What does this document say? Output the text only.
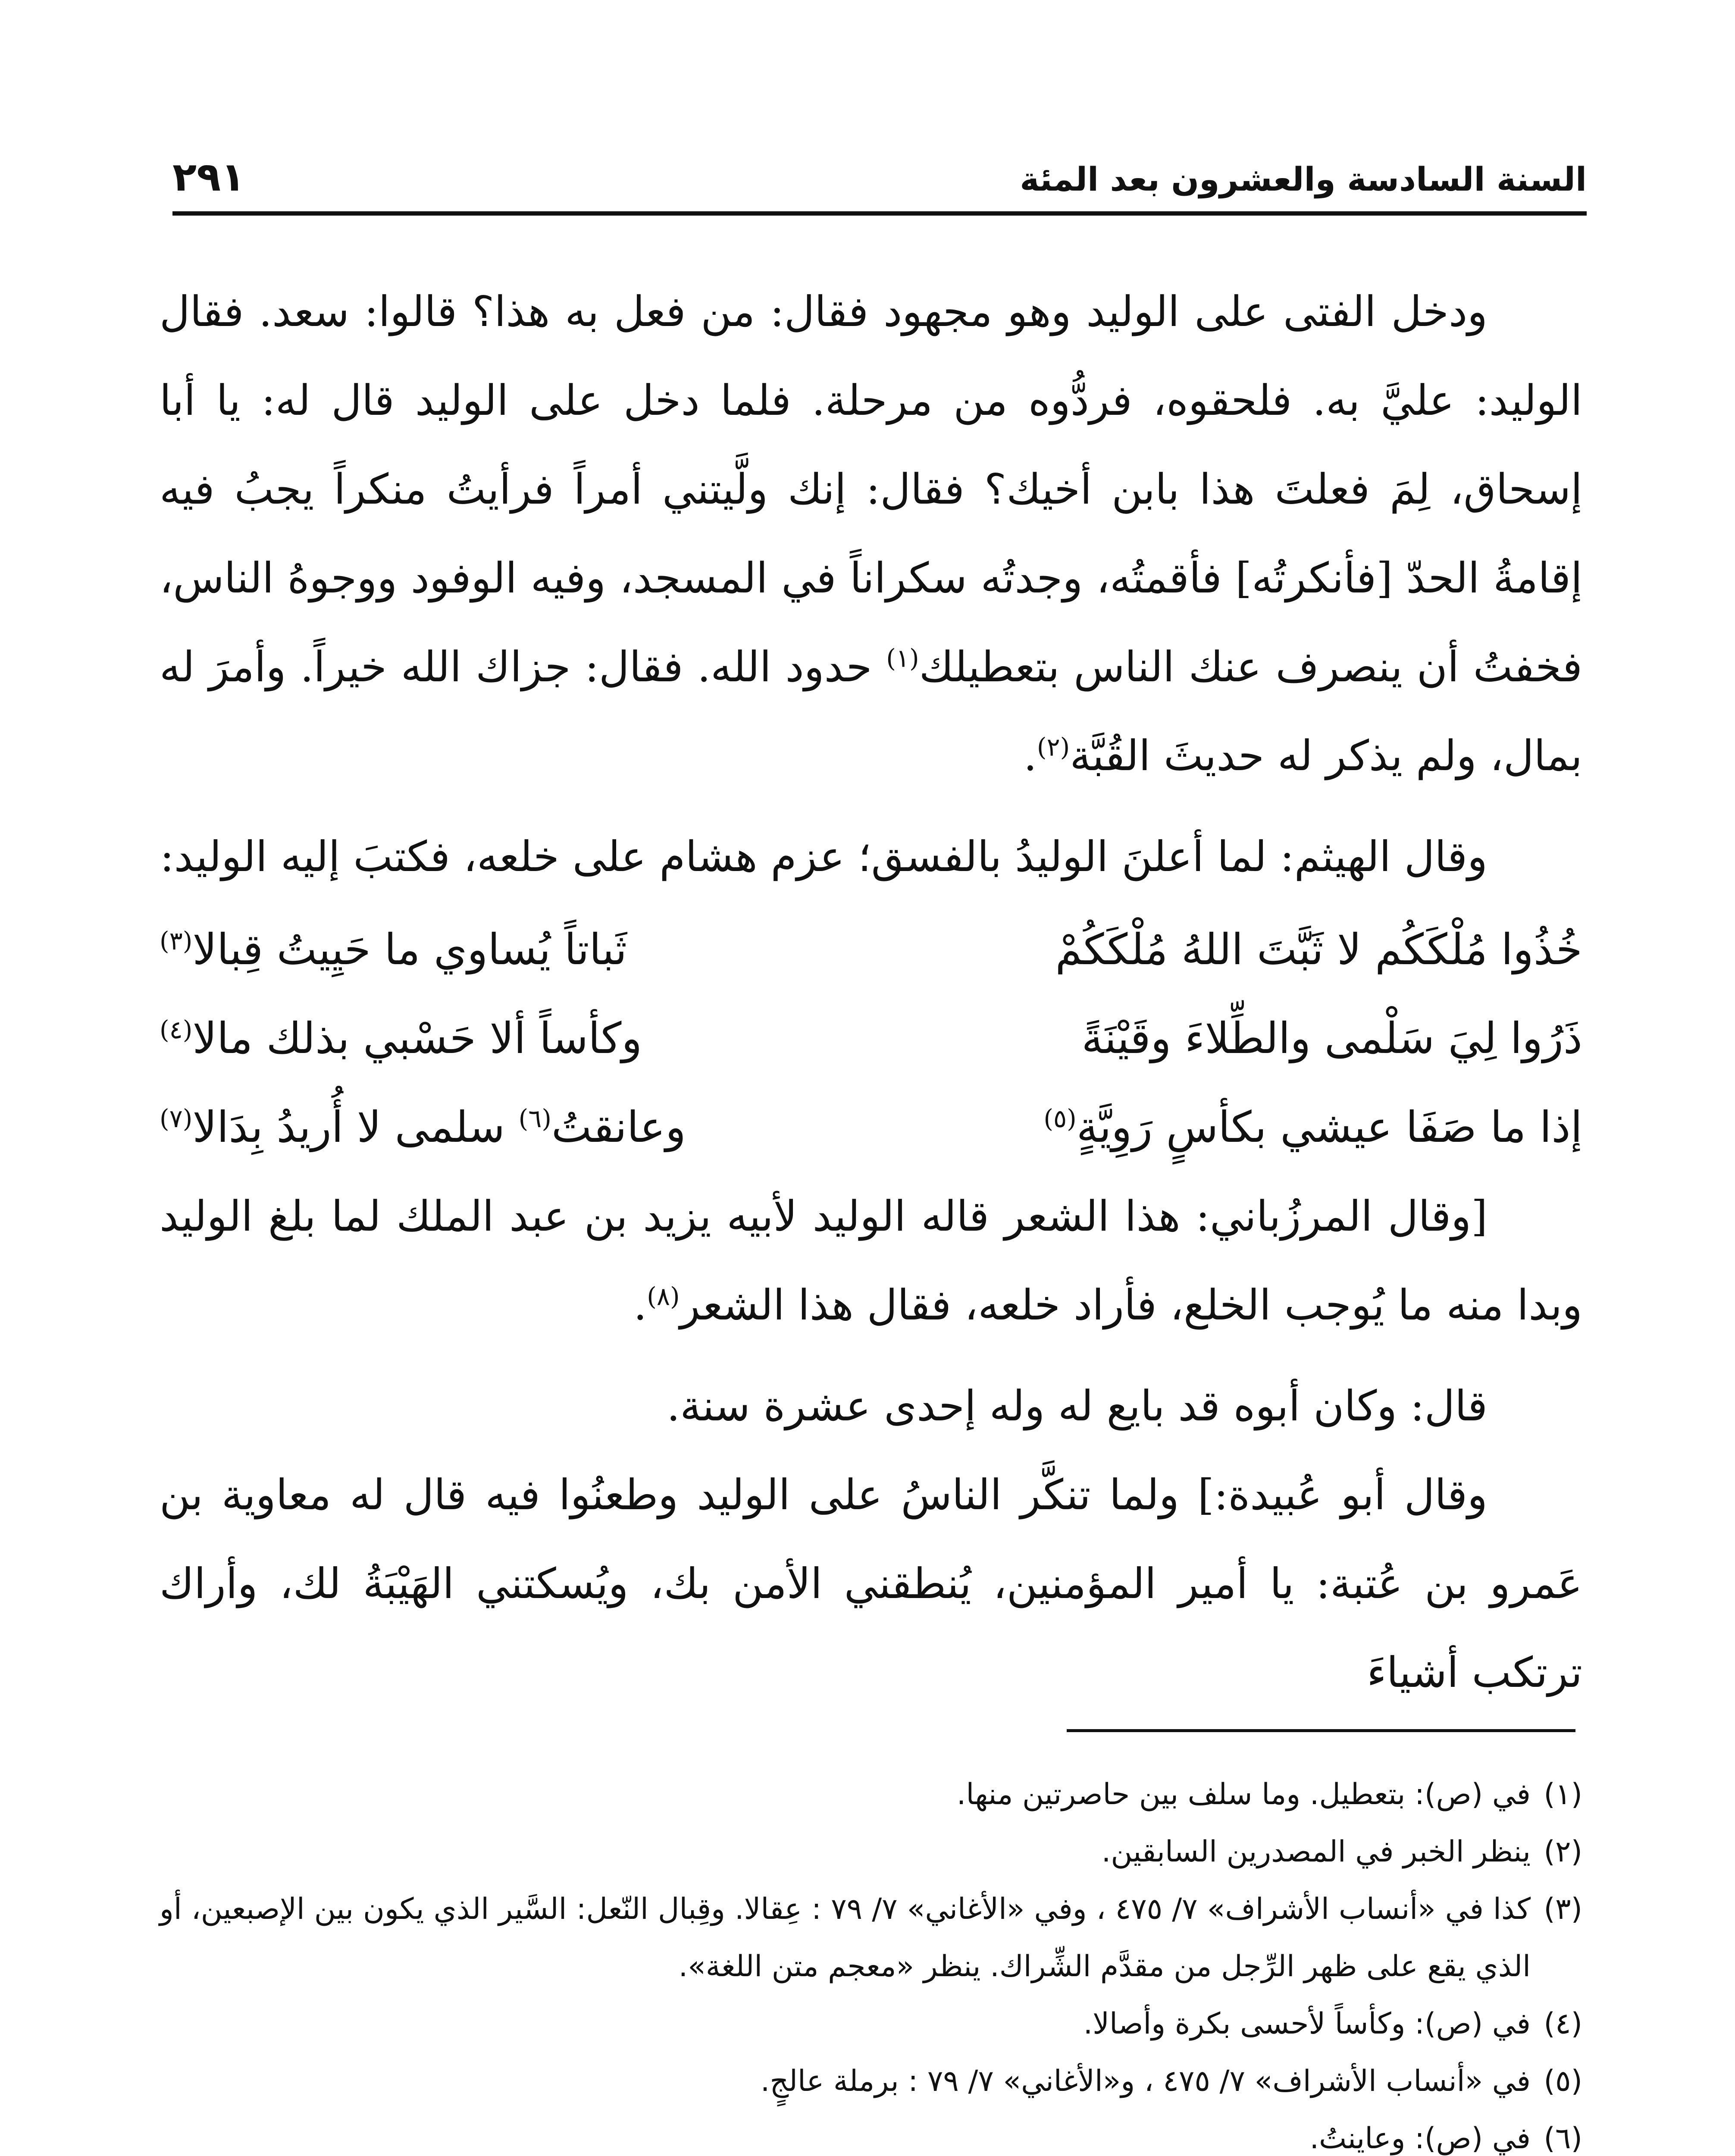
السنة السادسة والعشرون بعد المئة
٢٩١

ودخل الفتى على الوليد وهو مجهود فقال: من فعل به هذا؟ قالوا: سعد. فقال الوليد: عليَّ به. فلحقوه، فردُّوه من مرحلة. فلما دخل على الوليد قال له: يا أبا إسحاق، لِمَ فعلتَ هذا بابن أخيك؟ فقال: إنك ولَّيتني أمراً فرأيتُ منكراً يجبُ فيه إقامةُ الحدّ [فأنكرتُه] فأقمتُه، وجدتُه سكراناً في المسجد، وفيه الوفود ووجوهُ الناس، فخفتُ أن ينصرف عنك الناس بتعطيلك$^{(١)}$ حدود الله. فقال: جزاك الله خيراً. وأمرَ له بمال، ولم يذكر له حديثَ القُبَّة$^{(٢)}$.

وقال الهيثم: لما أعلنَ الوليدُ بالفسق؛ عزم هشام على خلعه، فكتبَ إليه الوليد:

خُذُوا مُلْكَكُم لا ثَبَّتَ اللهُ مُلْكَكُمْ
ثَباتاً يُساوي ما حَيِيتُ قِبالا$^{(٣)}$
ذَرُوا لِيَ سَلْمى والطِّلاءَ وقَيْنَةً
وكأساً ألا حَسْبي بذلك مالا$^{(٤)}$
إذا ما صَفَا عيشي بكأسٍ رَوِيَّةٍ$^{(٥)}$
وعانقتُ$^{(٦)}$ سلمى لا أُريدُ بِدَالا$^{(٧)}$

[وقال المرزُباني: هذا الشعر قاله الوليد لأبيه يزيد بن عبد الملك لما بلغ الوليد وبدا منه ما يُوجب الخلع، فأراد خلعه، فقال هذا الشعر$^{(٨)}$.

قال: وكان أبوه قد بايع له وله إحدى عشرة سنة.

وقال أبو عُبيدة:] ولما تنكَّر الناسُ على الوليد وطعنُوا فيه قال له معاوية بن عَمرو بن عُتبة: يا أمير المؤمنين، يُنطقني الأمن بك، ويُسكتني الهَيْبَةُ لك، وأراك ترتكب أشياءَ

(١)
في (ص): بتعطيل. وما سلف بين حاصرتين منها.
(٢)
ينظر الخبر في المصدرين السابقين.
(٣)
كذا في «أنساب الأشراف» ٧/ ٤٧٥ ، وفي «الأغاني» ٧/ ٧٩ : عِقالا. وقِبال النّعل: السَّير الذي يكون بين الإصبعين، أو الذي يقع على ظهر الرِّجل من مقدَّم الشِّراك. ينظر «معجم متن اللغة».
(٤)
في (ص): وكأساً لأحسى بكرة وأصالا.
(٥)
في «أنساب الأشراف» ٧/ ٤٧٥ ، و«الأغاني» ٧/ ٧٩ : برملة عالجٍ.
(٦)
في (ص): وعاينتُ.
